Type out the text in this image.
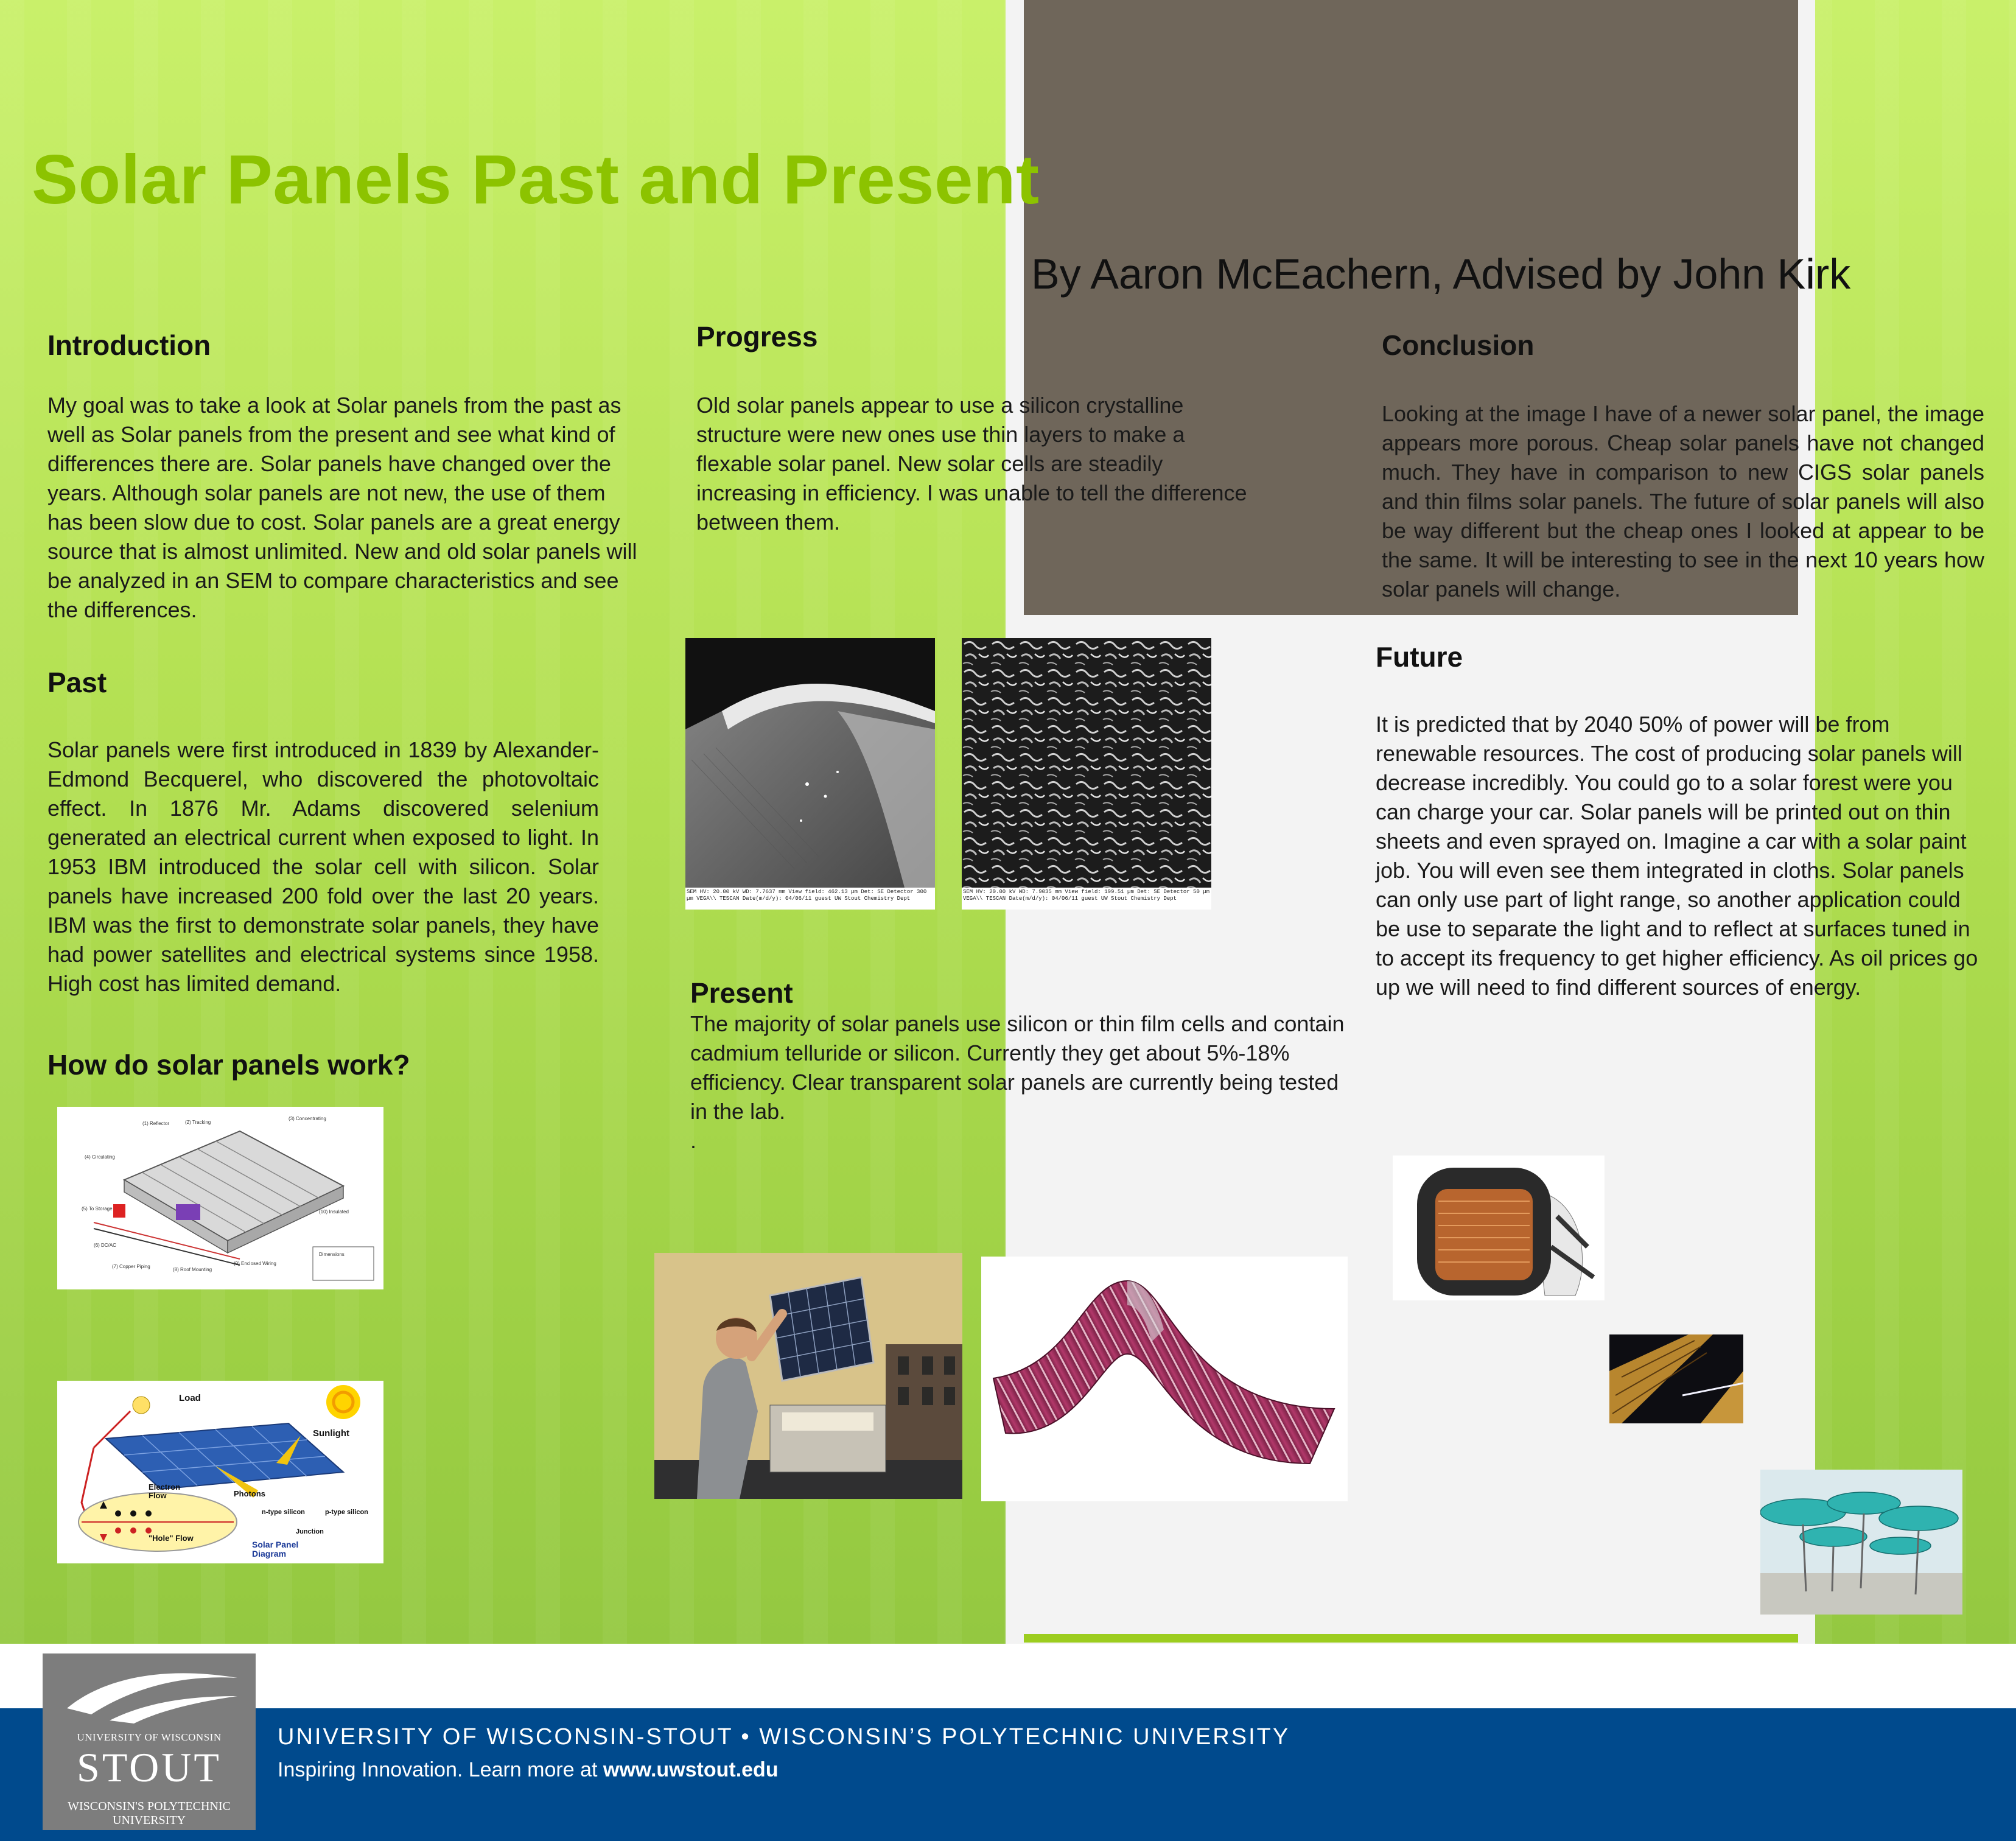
Solar Panels Past and Present
By Aaron McEachern, Advised by John Kirk
Introduction

My goal was to take a look at Solar panels from the past as well as Solar panels from the present and see what kind of differences there are. Solar panels have changed over the years. Although solar panels are not new, the use of them has been slow due to cost. Solar panels are a great energy source that is almost unlimited. New and old solar panels will be analyzed in an SEM to compare characteristics and see the differences.

Past

Solar panels were first introduced in 1839 by Alexander-Edmond Becquerel, who discovered the photovoltaic effect. In 1876 Mr. Adams discovered selenium generated an electrical current when exposed to light. In 1953 IBM introduced the solar cell with silicon. Solar panels have increased 200 fold over the last 20 years. IBM was the first to demonstrate solar panels, they have had power satellites and electrical systems since 1958. High cost has limited demand.

How do solar panels work?
(1) Reflector	(2) Tracking
(3) Concentrating
(4) Circulating
(5) To Storage
(6) DC/AC
(7) Copper Piping
(8) Roof Mounting
(9) Enclosed Wiring
(10) Insulated
Dimensions
Load
Sunlight
Electron Flow	Photons
"Hole" Flow
n-type silicon	p-type silicon
Junction
Solar Panel Diagram
Progress

Old solar panels appear to use a silicon crystalline structure were new ones use thin layers to make a flexable solar panel. New solar cells are steadily increasing in efficiency. I was unable to tell the difference between them.

SEM HV: 20.00 kV WD: 7.7637 mm View field: 462.13 µm Det: SE Detector 300 µm VEGA\\ TESCAN Date(m/d/y): 04/06/11 guest UW Stout Chemistry Dept
SEM HV: 20.00 kV WD: 7.9035 mm View field: 199.51 µm Det: SE Detector 50 µm VEGA\\ TESCAN Date(m/d/y): 04/06/11 guest UW Stout Chemistry Dept
Present

The majority of solar panels use silicon or thin film cells and contain cadmium telluride or silicon. Currently they get about 5%-18% efficiency. Clear transparent solar panels are currently being tested in the lab.

.
Conclusion

Looking at the image I have of a newer solar panel, the image appears more porous. Cheap solar panels have not changed much. They have in comparison to new CIGS solar panels and thin films solar panels. The future of solar panels will also be way different but the cheap ones I looked at appear to be the same. It will be interesting to see in the next 10 years how solar panels will change.

Future

It is predicted that by 2040 50% of power will be from renewable resources. The cost of producing solar panels will decrease incredibly. You could go to a solar forest were you can charge your car. Solar panels will be printed out on thin sheets and even sprayed on. Imagine a car with a solar paint job. You will even see them integrated in cloths. Solar panels can only use part of light range, so another application could be use to separate the light and to reflect at surfaces tuned in to accept its frequency to get higher efficiency. As oil prices go up we will need to find different sources of energy.

UNIVERSITY OF WISCONSIN
STOUT
WISCONSIN'S POLYTECHNIC UNIVERSITY
UNIVERSITY OF WISCONSIN-STOUT • WISCONSIN’S POLYTECHNIC UNIVERSITY
Inspiring Innovation. Learn more at www.uwstout.edu
